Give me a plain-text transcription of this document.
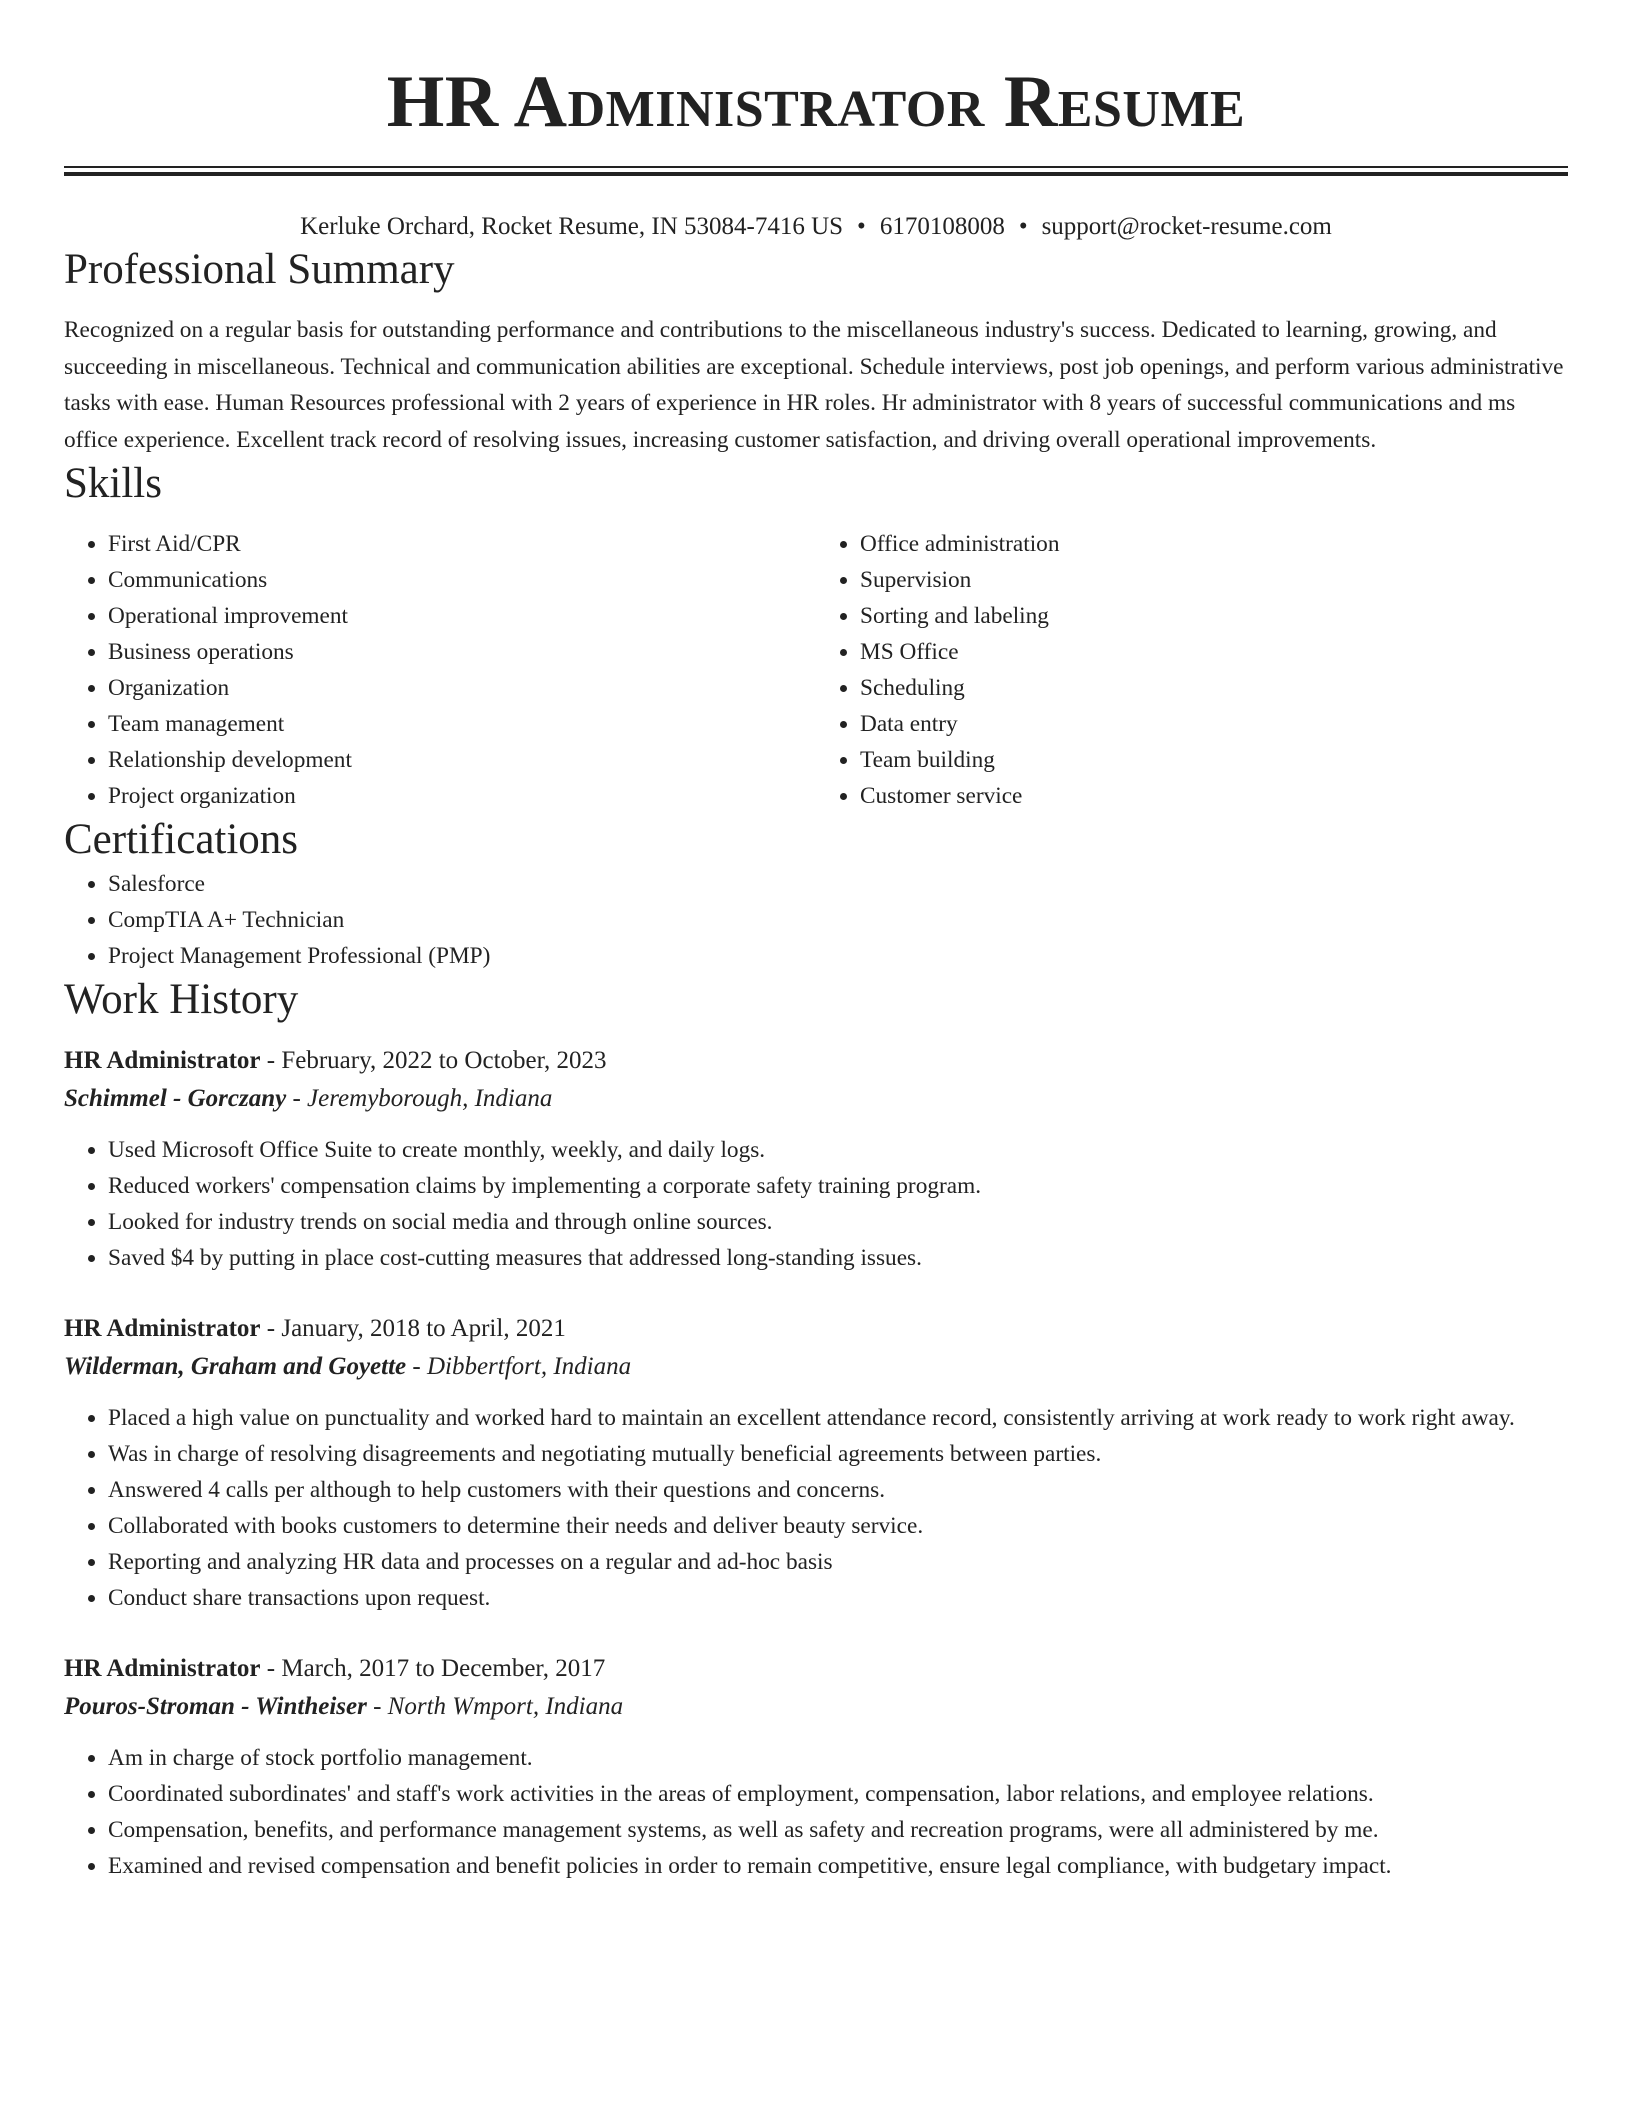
HR Administrator Resume
Kerluke Orchard, Rocket Resume, IN 53084-7416 US • 6170108008 • support@rocket-resume.com
Professional Summary
Recognized on a regular basis for outstanding performance and contributions to the miscellaneous industry's success. Dedicated to learning, growing, and succeeding in miscellaneous. Technical and communication abilities are exceptional. Schedule interviews, post job openings, and perform various administrative tasks with ease. Human Resources professional with 2 years of experience in HR roles. Hr administrator with 8 years of successful communications and ms office experience. Excellent track record of resolving issues, increasing customer satisfaction, and driving overall operational improvements.
Skills
• First Aid/CPR
• Communications
• Operational improvement
• Business operations
• Organization
• Team management
• Relationship development
• Project organization
• Office administration
• Supervision
• Sorting and labeling
• MS Office
• Scheduling
• Data entry
• Team building
• Customer service
Certifications
• Salesforce
• CompTIA A+ Technician
• Project Management Professional (PMP)
Work History
HR Administrator - February, 2022 to October, 2023
Schimmel - Gorczany - Jeremyborough, Indiana
• Used Microsoft Office Suite to create monthly, weekly, and daily logs.
• Reduced workers' compensation claims by implementing a corporate safety training program.
• Looked for industry trends on social media and through online sources.
• Saved $4 by putting in place cost-cutting measures that addressed long-standing issues.
HR Administrator - January, 2018 to April, 2021
Wilderman, Graham and Goyette - Dibbertfort, Indiana
• Placed a high value on punctuality and worked hard to maintain an excellent attendance record, consistently arriving at work ready to work right away.
• Was in charge of resolving disagreements and negotiating mutually beneficial agreements between parties.
• Answered 4 calls per although to help customers with their questions and concerns.
• Collaborated with books customers to determine their needs and deliver beauty service.
• Reporting and analyzing HR data and processes on a regular and ad-hoc basis
• Conduct share transactions upon request.
HR Administrator - March, 2017 to December, 2017
Pouros-Stroman - Wintheiser - North Wmport, Indiana
• Am in charge of stock portfolio management.
• Coordinated subordinates' and staff's work activities in the areas of employment, compensation, labor relations, and employee relations.
• Compensation, benefits, and performance management systems, as well as safety and recreation programs, were all administered by me.
• Examined and revised compensation and benefit policies in order to remain competitive, ensure legal compliance, with budgetary impact.
